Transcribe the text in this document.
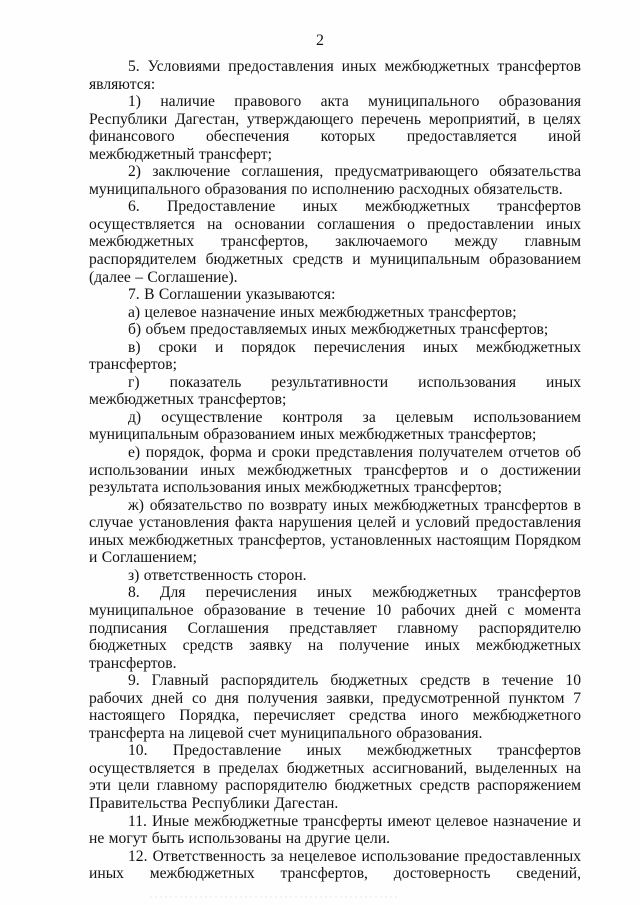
2

5. Условиями предоставления иных межбюджетных трансфертов являются:

1) наличие правового акта муниципального образования Республики Дагестан, утверждающего перечень мероприятий, в целях финансового обеспечения которых предоставляется иной межбюджетный трансферт;

2) заключение соглашения, предусматривающего обязательства муниципального образования по исполнению расходных обязательств.

6. Предоставление иных межбюджетных трансфертов осуществляется на основании соглашения о предоставлении иных межбюджетных трансфертов, заключаемого между главным распорядителем бюджетных средств и муниципальным образованием (далее – Соглашение).

7. В Соглашении указываются:

а) целевое назначение иных межбюджетных трансфертов;

б) объем предоставляемых иных межбюджетных трансфертов;

в) сроки и порядок перечисления иных межбюджетных трансфертов;

г) показатель результативности использования иных межбюджетных трансфертов;

д) осуществление контроля за целевым использованием муниципальным образованием иных межбюджетных трансфертов;

е) порядок, форма и сроки представления получателем отчетов об использовании иных межбюджетных трансфертов и о достижении результата использования иных межбюджетных трансфертов;

ж) обязательство по возврату иных межбюджетных трансфертов в случае установления факта нарушения целей и условий предоставления иных межбюджетных трансфертов, установленных настоящим Порядком и Соглашением;

з) ответственность сторон.

8. Для перечисления иных межбюджетных трансфертов муниципальное образование в течение 10 рабочих дней с момента подписания Соглашения представляет главному распорядителю бюджетных средств заявку на получение иных межбюджетных трансфертов.

9. Главный распорядитель бюджетных средств в течение 10 рабочих дней со дня получения заявки, предусмотренной пунктом 7 настоящего Порядка, перечисляет средства иного межбюджетного трансферта на лицевой счет муниципального образования.

10. Предоставление иных межбюджетных трансфертов осуществляется в пределах бюджетных ассигнований, выделенных на эти цели главному распорядителю бюджетных средств распоряжением Правительства Республики Дагестан.

11. Иные межбюджетные трансферты имеют целевое назначение и не могут быть использованы на другие цели.

12. Ответственность за нецелевое использование предоставленных иных межбюджетных трансфертов, достоверность сведений,
